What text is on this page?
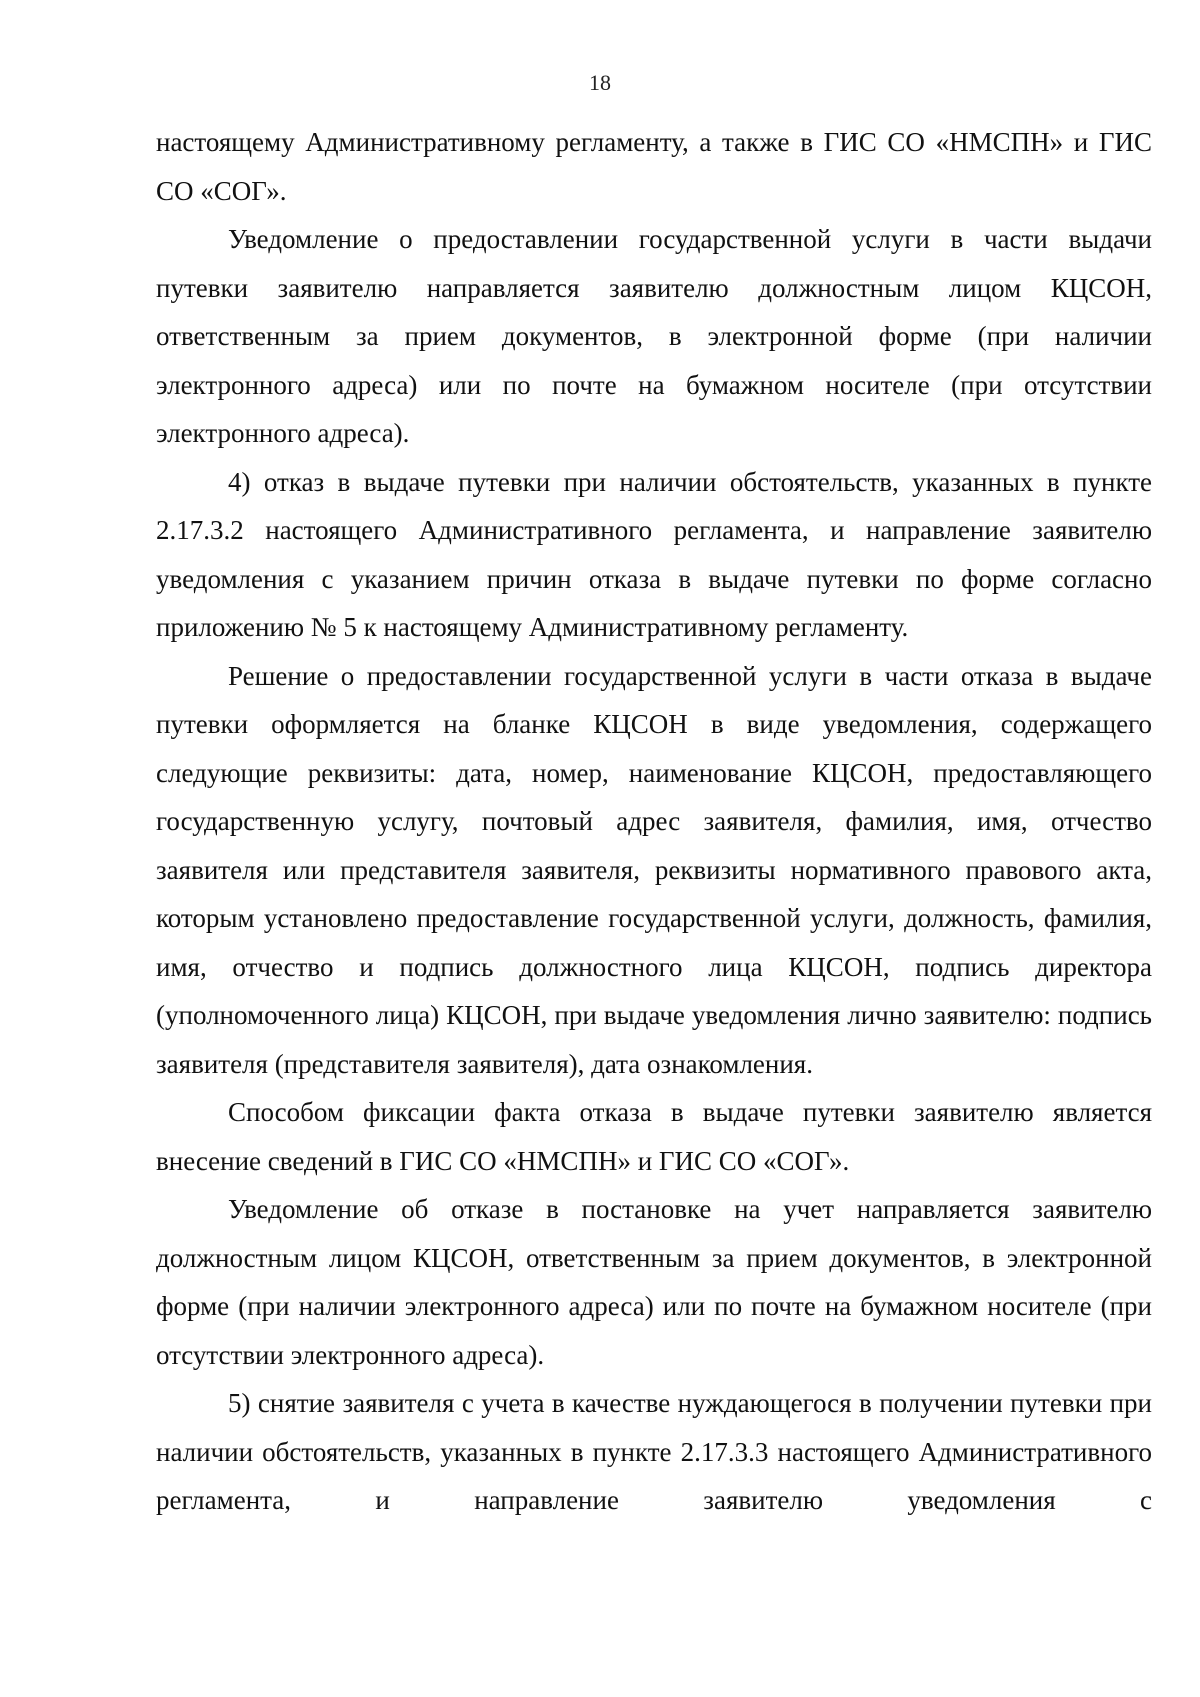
18

настоящему Административному регламенту, а также в ГИС СО «НМСПН» и ГИС СО «СОГ».

Уведомление о предоставлении государственной услуги в части выдачи путевки заявителю направляется заявителю должностным лицом КЦСОН, ответственным за прием документов, в электронной форме (при наличии электронного адреса) или по почте на бумажном носителе (при отсутствии электронного адреса).

4) отказ в выдаче путевки при наличии обстоятельств, указанных в пункте 2.17.3.2 настоящего Административного регламента, и направление заявителю уведомления с указанием причин отказа в выдаче путевки по форме согласно приложению № 5 к настоящему Административному регламенту.

Решение о предоставлении государственной услуги в части отказа в выдаче путевки оформляется на бланке КЦСОН в виде уведомления, содержащего следующие реквизиты: дата, номер, наименование КЦСОН, предоставляющего государственную услугу, почтовый адрес заявителя, фамилия, имя, отчество заявителя или представителя заявителя, реквизиты нормативного правового акта, которым установлено предоставление государственной услуги, должность, фамилия, имя, отчество и подпись должностного лица КЦСОН, подпись директора (уполномоченного лица) КЦСОН, при выдаче уведомления лично заявителю: подпись заявителя (представителя заявителя), дата ознакомления.

Способом фиксации факта отказа в выдаче путевки заявителю является внесение сведений в ГИС СО «НМСПН» и ГИС СО «СОГ».

Уведомление об отказе в постановке на учет направляется заявителю должностным лицом КЦСОН, ответственным за прием документов, в электронной форме (при наличии электронного адреса) или по почте на бумажном носителе (при отсутствии электронного адреса).

5) снятие заявителя с учета в качестве нуждающегося в получении путевки при наличии обстоятельств, указанных в пункте 2.17.3.3 настоящего Административного регламента, и направление заявителю уведомления с
